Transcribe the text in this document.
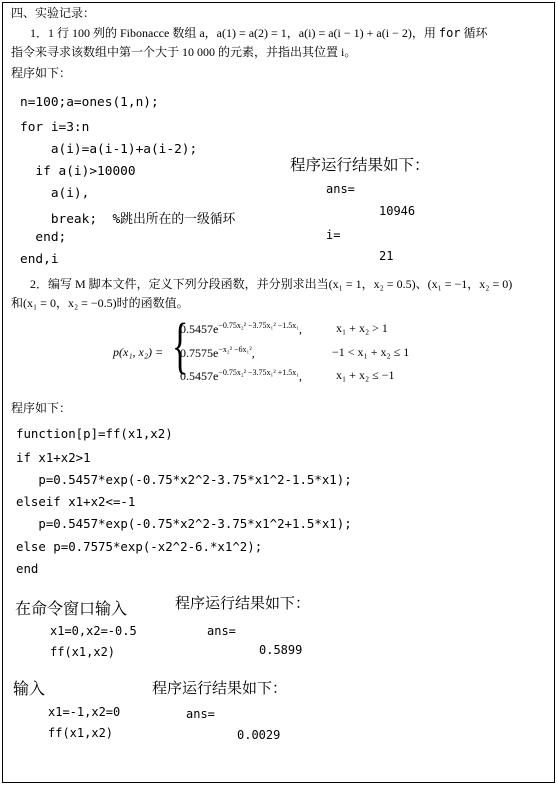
四、实验记录：
1．1 行 100 列的 Fibonacce 数组 a，a(1) = a(2) = 1，a(i) = a(i − 1) + a(i − 2)，用 for 循环
指令来寻求该数组中第一个大于 10 000 的元素，并指出其位置 i。
程序如下：
n=100;a=ones(1,n);
for i=3:n
a(i)=a(i-1)+a(i-2);
if a(i)>10000
a(i),
break;  %跳出所在的一级循环
end;
end,i
程序运行结果如下：
ans=
10946
i=
21
2．编写 M 脚本文件，定义下列分段函数，并分别求出当(x₁ = 1，x₂ = 0.5)、(x₁ = −1，x₂ = 0)
和(x₁ = 0，x₂ = −0.5)时的函数值。
p(x₁, x₂) = {
$0.5457e^{-0.75x_2^2 -3.75x_1^2 -1.5x_1}$,	x₁ + x₂ > 1
$0.7575e^{-x_2^2 -6x_1^2}$,	−1 < x₁ + x₂ ≤ 1
$0.5457e^{-0.75x_2^2 -3.75x_1^2 +1.5x_1}$,	x₁ + x₂ ≤ −1
程序如下：
function[p]=ff(x1,x2)
if x1+x2>1
p=0.5457*exp(-0.75*x2^2-3.75*x1^2-1.5*x1);
elseif x1+x2<=-1
p=0.5457*exp(-0.75*x2^2-3.75*x1^2+1.5*x1);
else p=0.7575*exp(-x2^2-6.*x1^2);
end
在命令窗口输入	程序运行结果如下：
x1=0,x2=-0.5
ff(x1,x2)
ans=
0.5899
输入	程序运行结果如下：
x1=-1,x2=0
ff(x1,x2)
ans=
0.0029
